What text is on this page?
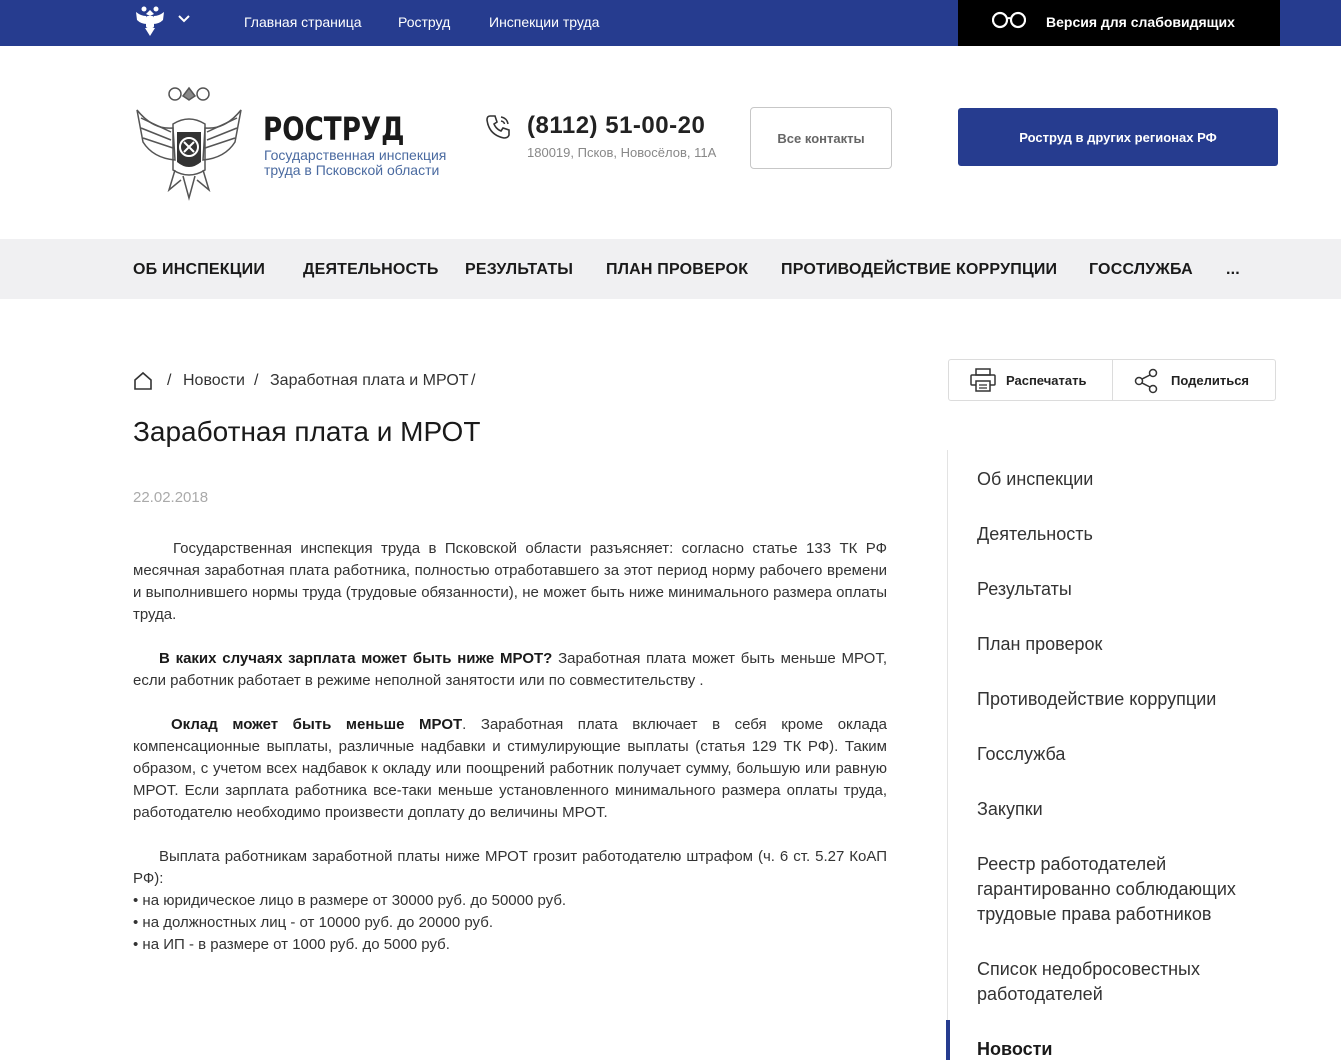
Главная страница	Роструд	Инспекции труда	Версия для слабовидящих
РОСТРУД
Государственная инспекция труда в Псковской области
(8112) 51-00-20
180019, Псков, Новосёлов, 11А
Все контакты	Роструд в других регионах РФ
ОБ ИНСПЕКЦИИ ДЕЯТЕЛЬНОСТЬ РЕЗУЛЬТАТЫ ПЛАН ПРОВЕРОК ПРОТИВОДЕЙСТВИЕ КОРРУПЦИИ ГОССЛУЖБА ...
/ Новости / Заработная плата и МРОТ /	Распечатать	Поделиться
Заработная плата и МРОТ
22.02.2018

Государственная инспекция труда в Псковской области разъясняет: согласно статье 133 ТК РФ месячная заработная плата работника, полностью отработавшего за этот период норму рабочего времени и выполнившего нормы труда (трудовые обязанности), не может быть ниже минимального размера оплаты труда.

В каких случаях зарплата может быть ниже МРОТ? Заработная плата может быть меньше МРОТ, если работник работает в режиме неполной занятости или по совместительству .

Оклад может быть меньше МРОТ. Заработная плата включает в себя кроме оклада компенсационные выплаты, различные надбавки и стимулирующие выплаты (статья 129 ТК РФ). Таким образом, с учетом всех надбавок к окладу или поощрений работник получает сумму, большую или равную МРОТ. Если зарплата работника все-таки меньше установленного минимального размера оплаты труда, работодателю необходимо произвести доплату до величины МРОТ.

Выплата работникам заработной платы ниже МРОТ грозит работодателю штрафом (ч. 6 ст. 5.27 КоАП РФ):

• на юридическое лицо в размере от 30000 руб. до 50000 руб.

• на должностных лиц - от 10000 руб. до 20000 руб.

• на ИП - в размере от 1000 руб. до 5000 руб.

Об инспекции
Деятельность
Результаты
План проверок
Противодействие коррупции
Госслужба
Закупки
Реестр работодателей гарантированно соблюдающих трудовые права работников
Список недобросовестных работодателей
Новости
